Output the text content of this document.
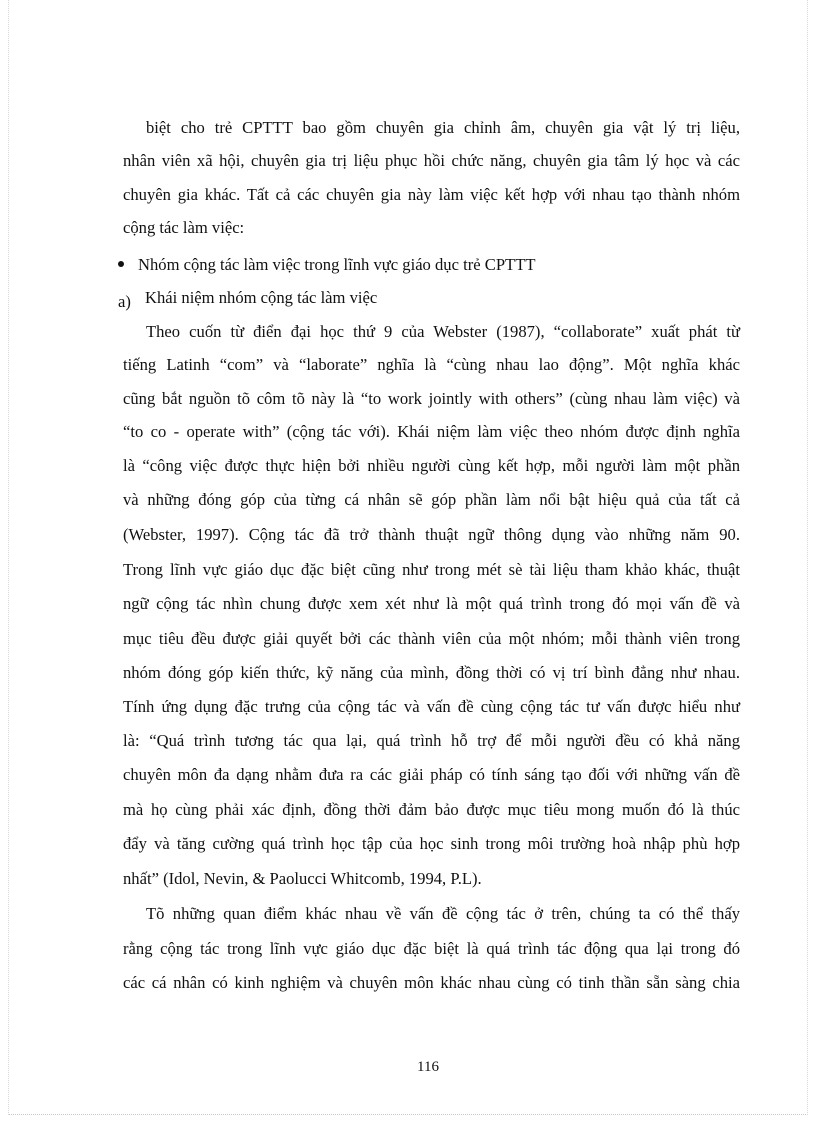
biệt cho trẻ CPTTT bao gồm chuyên gia chỉnh âm, chuyên gia vật lý trị liệu,
nhân viên xã hội, chuyên gia trị liệu phục hồi chức năng, chuyên gia tâm lý học và các
chuyên gia khác. Tất cả các chuyên gia này làm việc kết hợp với nhau tạo thành nhóm
cộng tác làm việc:
Nhóm cộng tác làm việc trong lĩnh vực giáo dục trẻ CPTTT
a) Khái niệm nhóm cộng tác làm việc
Theo cuốn từ điển đại học thứ 9 của Webster (1987), “collaborate” xuất phát từ
tiếng Latinh “com” và “laborate” nghĩa là “cùng nhau lao động”. Một nghĩa khác
cũng bắt nguồn tõ côm tõ này là “to work jointly with others” (cùng nhau làm việc) và
“to co - operate with” (cộng tác với). Khái niệm làm việc theo nhóm được định nghĩa
là “công việc được thực hiện bởi nhiều người cùng kết hợp, mỗi người làm một phần
và những đóng góp của từng cá nhân sẽ góp phần làm nổi bật hiệu quả của tất cả
(Webster, 1997). Cộng tác đã trở thành thuật ngữ thông dụng vào những năm 90.
Trong lĩnh vực giáo dục đặc biệt cũng như trong mét sè tài liệu tham khảo khác, thuật
ngữ cộng tác nhìn chung được xem xét như là một quá trình trong đó mọi vấn đề và
mục tiêu đều được giải quyết bởi các thành viên của một nhóm; mỗi thành viên trong
nhóm đóng góp kiến thức, kỹ năng của mình, đồng thời có vị trí bình đẳng như nhau.
Tính ứng dụng đặc trưng của cộng tác và vấn đề cùng cộng tác tư vấn được hiểu như
là: “Quá trình tương tác qua lại, quá trình hỗ trợ để mỗi người đều có khả năng
chuyên môn đa dạng nhằm đưa ra các giải pháp có tính sáng tạo đối với những vấn đề
mà họ cùng phải xác định, đồng thời đảm bảo được mục tiêu mong muốn đó là thúc
đẩy và tăng cường quá trình học tập của học sinh trong môi trường hoà nhập phù hợp
nhất” (Idol, Nevin, & Paolucci Whitcomb, 1994, P.L).
Tõ những quan điểm khác nhau về vấn đề cộng tác ở trên, chúng ta có thể thấy
rằng cộng tác trong lĩnh vực giáo dục đặc biệt là quá trình tác động qua lại trong đó
các cá nhân có kinh nghiệm và chuyên môn khác nhau cùng có tinh thần sẵn sàng chia
116
